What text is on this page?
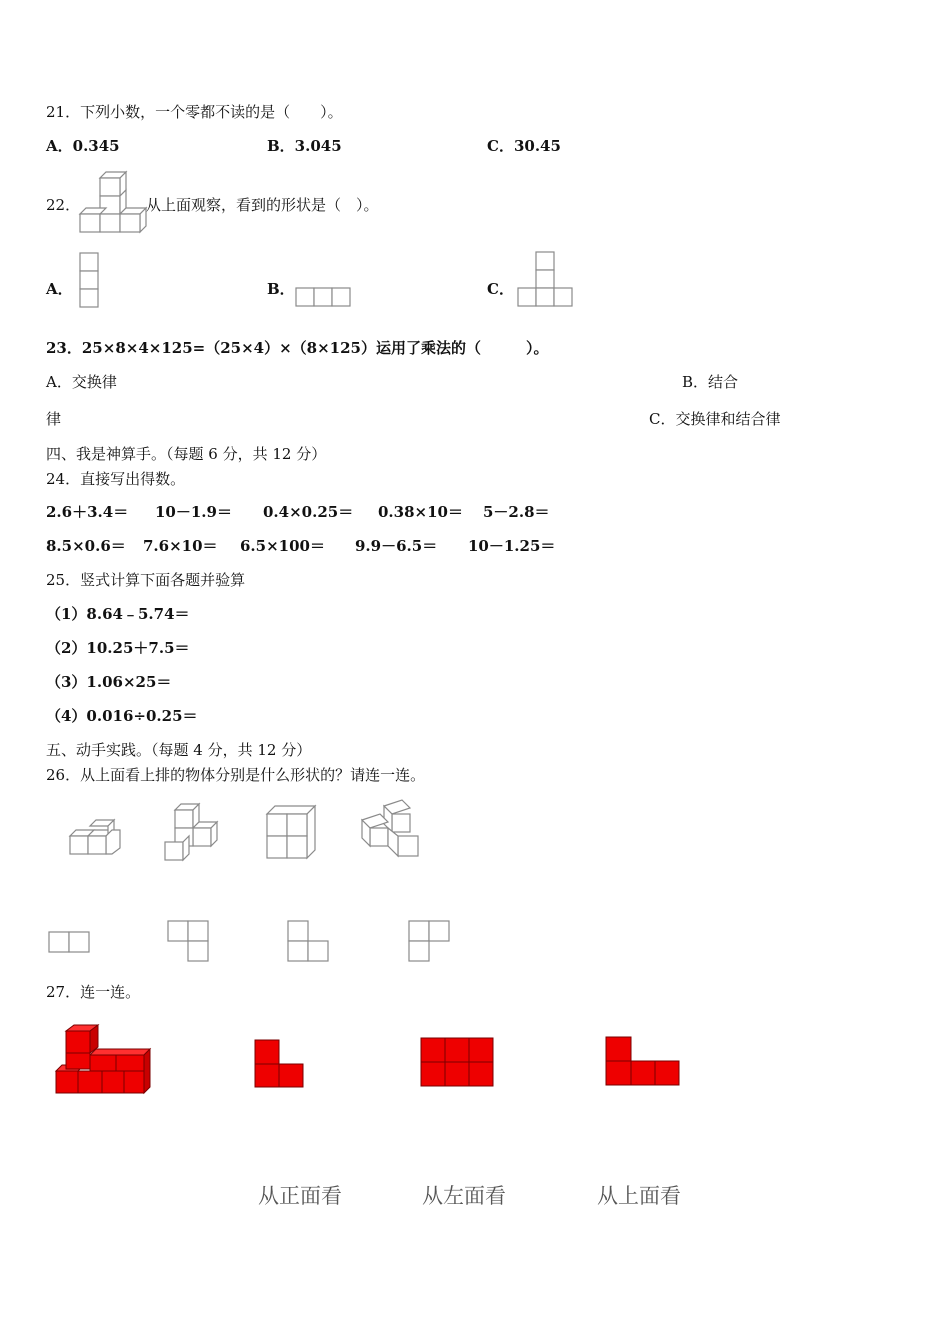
21．下列小数，一个零都不读的是（　　）。
A．0.345	B．3.045	C．30.45
22．	从上面观察，看到的形状是（　）。
A．	B．	C．
23．25×8×4×125=（25×4）×（8×125）运用了乘法的（　　　）。
A．交换律	B．结合
律	C．交换律和结合律
四、我是神算手。（每题 6 分，共 12 分）
24．直接写出得数。
2.6＋3.4＝ 10－1.9＝ 0.4×0.25＝ 0.38×10＝ 5－2.8＝
8.5×0.6＝ 7.6×10＝ 6.5×100＝ 9.9－6.5＝ 10－1.25＝
25．竖式计算下面各题并验算
（1）8.64﹣5.74＝
（2）10.25＋7.5＝
（3）1.06×25＝
（4）0.016÷0.25＝
五、动手实践。（每题 4 分，共 12 分）
26．从上面看上排的物体分别是什么形状的？请连一连。
27．连一连。
从正面看	从左面看	从上面看
